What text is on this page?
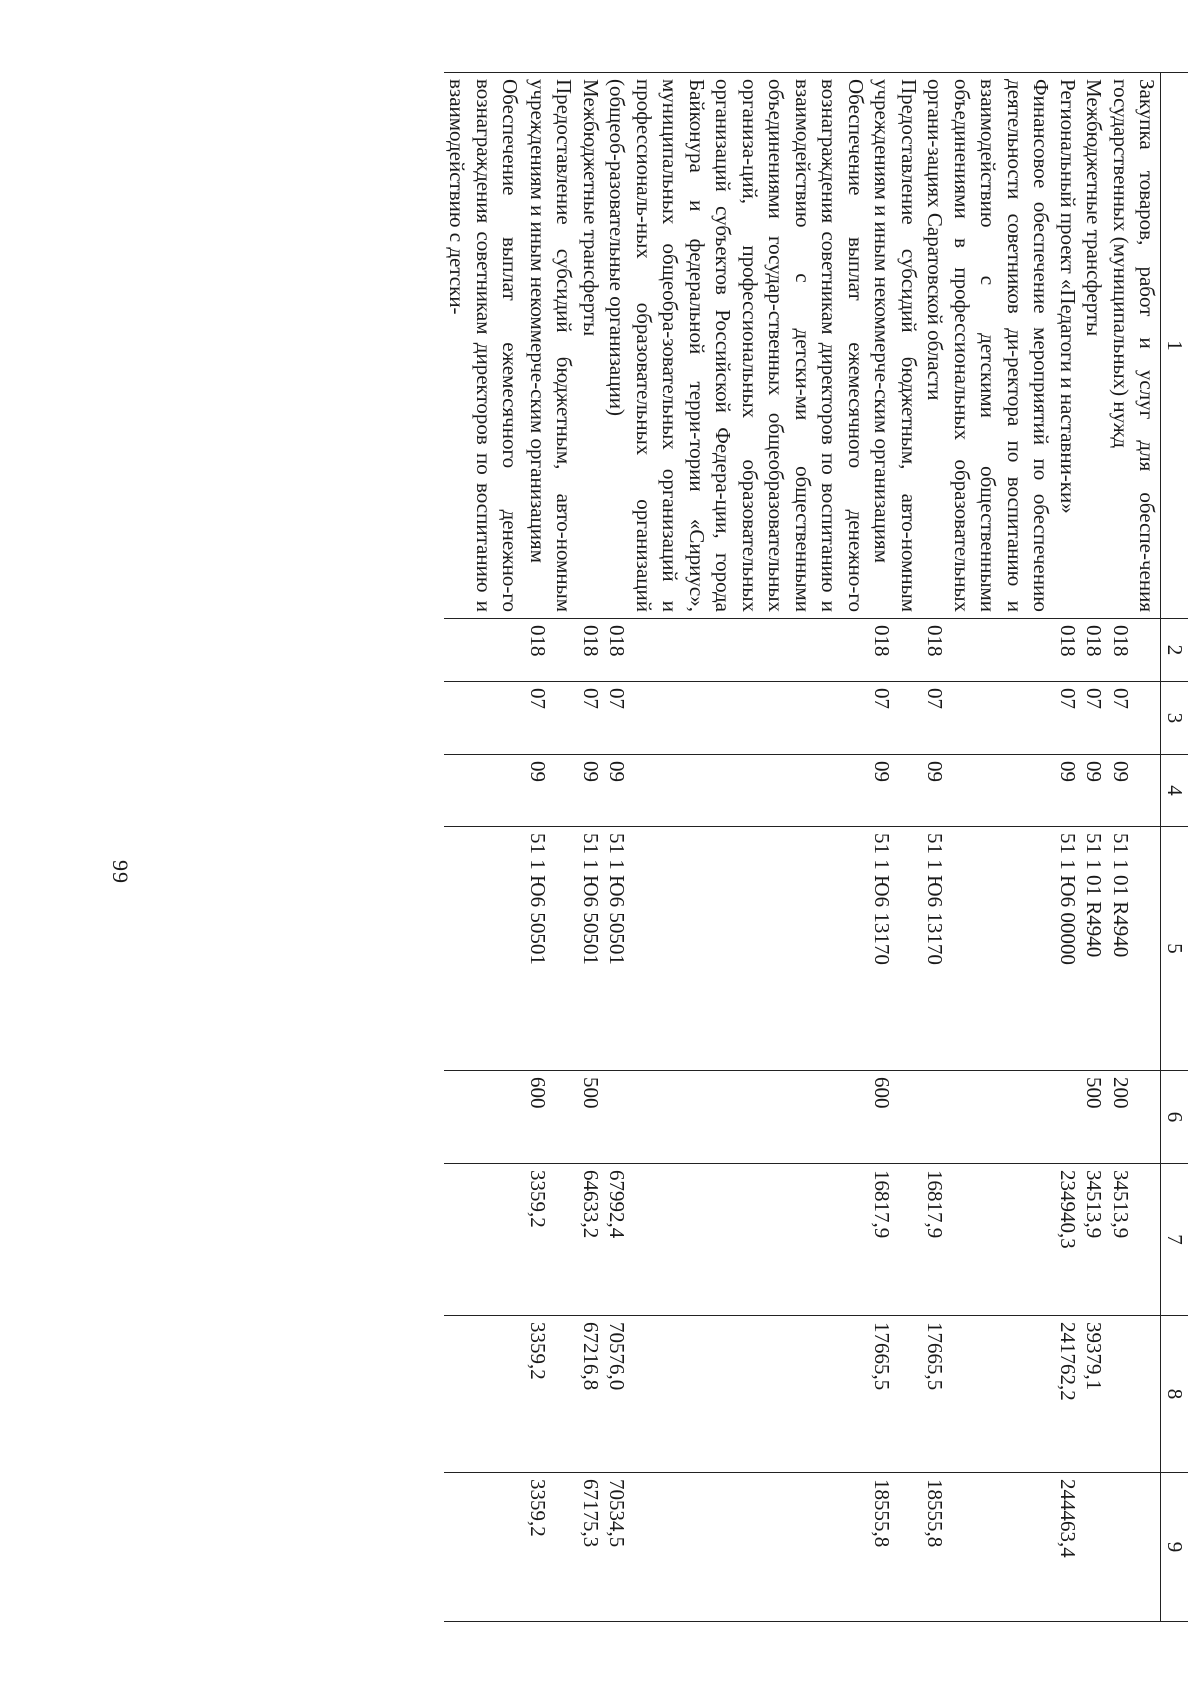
1	2	3	4	5	6	7	8	9
Закупка товаров, работ и услуг для обеспе-чения государственных (муниципальных) нужд	018	07	09	51 1 01 R4940	200	34513,9		
Межбюджетные трансферты	018	07	09	51 1 01 R4940	500	34513,9	39379,1	
Региональный проект «Педагоги и наставни-ки»	018	07	09	51 1 Ю6 00000		234940,3	241762,2	244463,4
Финансовое обеспечение мероприятий по обеспечению деятельности советников ди-ректора по воспитанию и взаимодействию с детскими общественными объединениями в профессиональных образовательных органи-зациях Саратовской области	018	07	09	51 1 Ю6 13170		16817,9	17665,5	18555,8
Предоставление субсидий бюджетным, авто-номным учреждениям и иным некоммерче-ским организациям	018	07	09	51 1 Ю6 13170	600	16817,9	17665,5	18555,8
Обеспечение выплат ежемесячного денежно-го вознаграждения советникам директоров по воспитанию и взаимодействию с детски-ми общественными объединениями государ-ственных общеобразовательных организа-ций, профессиональных образовательных организаций субъектов Российской Федера-ции, города Байконура и федеральной терри-тории «Сириус», муниципальных общеобра-зовательных организаций и профессиональ-ных образовательных организаций (общеоб-разовательные организации)	018	07	09	51 1 Ю6 50501		67992,4	70576,0	70534,5
Межбюджетные трансферты	018	07	09	51 1 Ю6 50501	500	64633,2	67216,8	67175,3
Предоставление субсидий бюджетным, авто-номным учреждениям и иным некоммерче-ским организациям	018	07	09	51 1 Ю6 50501	600	3359,2	3359,2	3359,2
Обеспечение выплат ежемесячного денежно-го вознаграждения советникам директоров по воспитанию и взаимодействию с детски-								
99
